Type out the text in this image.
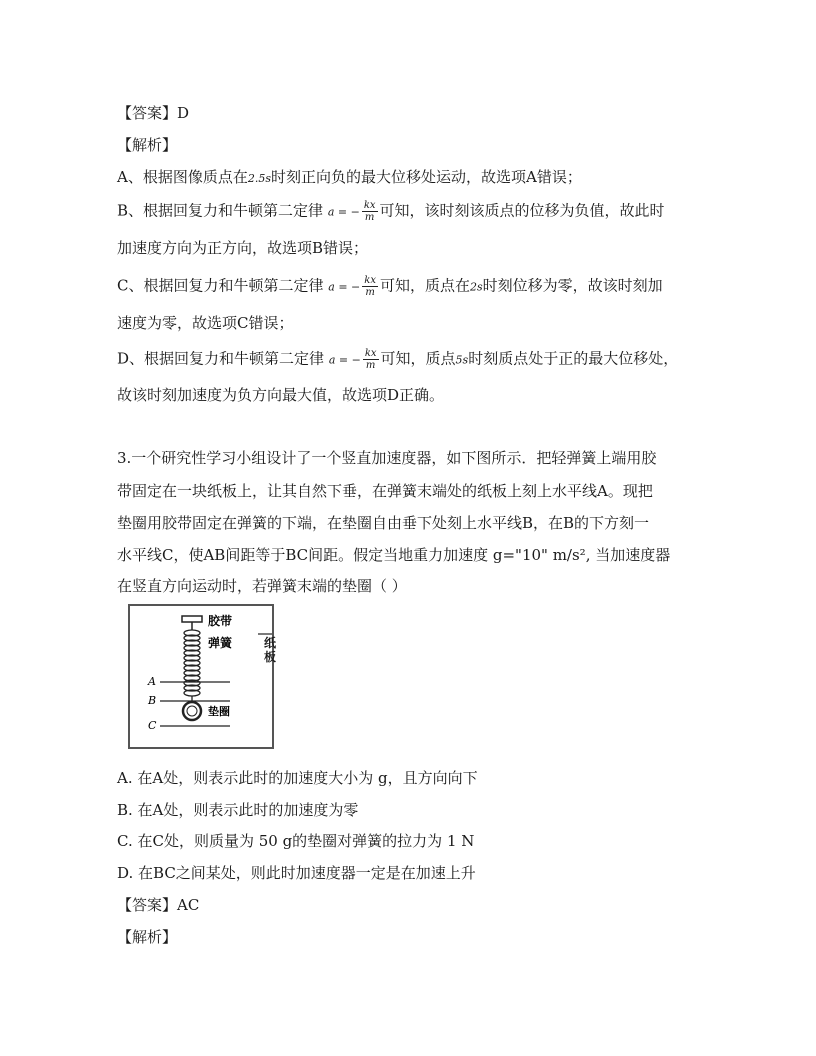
【答案】D
【解析】
A、根据图像质点在2.5s时刻正向负的最大位移处运动，故选项A错误；
B、根据回复力和牛顿第二定律 a = − $\frac{kx}{m}$ 可知，该时刻该质点的位移为负值，故此时
加速度方向为正方向，故选项B错误；
C、根据回复力和牛顿第二定律 a = − $\frac{kx}{m}$ 可知，质点在2s时刻位移为零，故该时刻加
速度为零，故选项C错误；
D、根据回复力和牛顿第二定律 a = − $\frac{kx}{m}$ 可知，质点5s时刻质点处于正的最大位移处，
故该时刻加速度为负方向最大值，故选项D正确。
3.一个研究性学习小组设计了一个竖直加速度器，如下图所示．把轻弹簧上端用胶
带固定在一块纸板上，让其自然下垂，在弹簧末端处的纸板上刻上水平线A。现把
垫圈用胶带固定在弹簧的下端，在垫圈自由垂下处刻上水平线B，在B的下方刻一
水平线C，使AB间距等于BC间距。假定当地重力加速度 g="10" m/s², 当加速度器
在竖直方向运动时，若弹簧末端的垫圈（ ）
胶带
弹簧
垫圈
A
B
C
纸
板
A. 在A处，则表示此时的加速度大小为 g，且方向向下
B. 在A处，则表示此时的加速度为零
C. 在C处，则质量为 50 g的垫圈对弹簧的拉力为 1 N
D. 在BC之间某处，则此时加速度器一定是在加速上升
【答案】AC
【解析】
